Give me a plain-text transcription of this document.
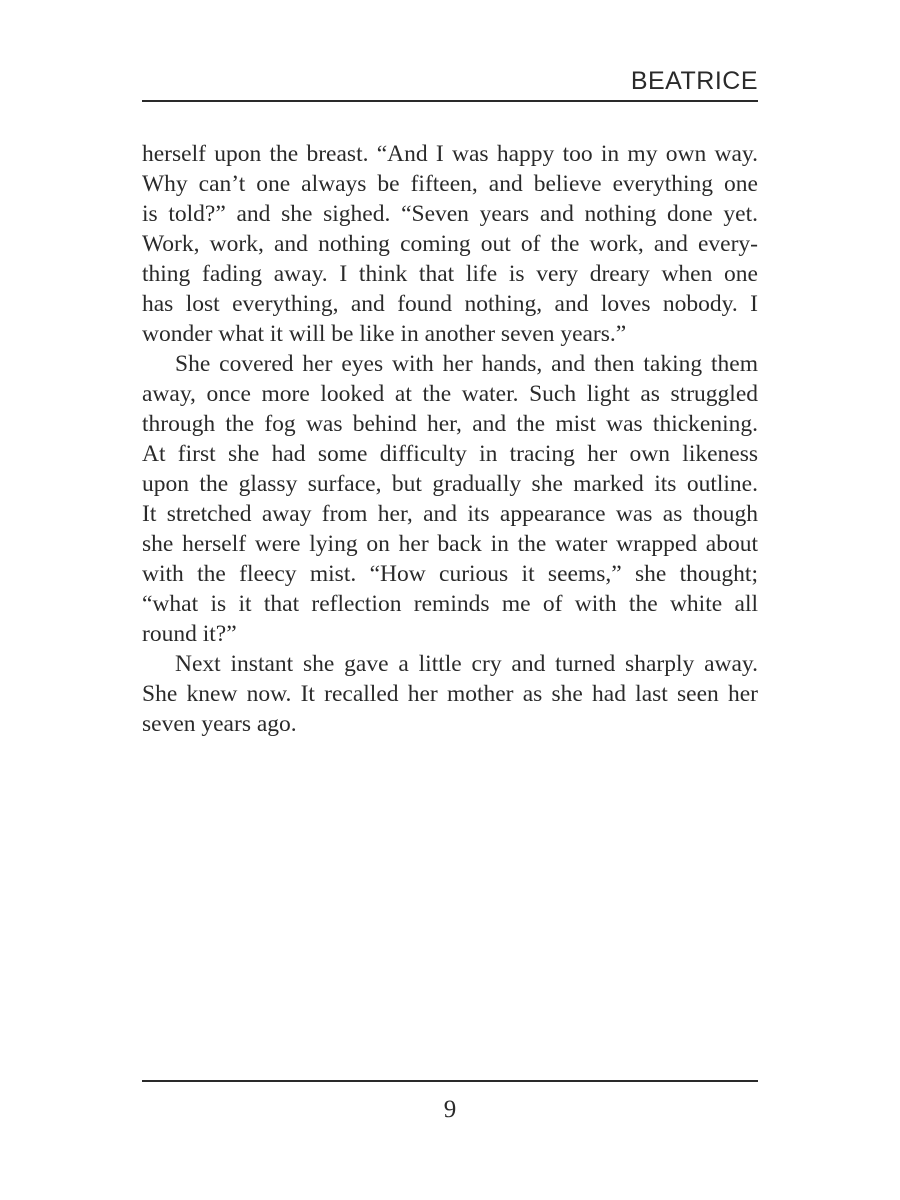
BEATRICE

herself upon the breast. “And I was happy too in my own way.
Why can’t one always be fifteen, and believe everything one
is told?” and she sighed. “Seven years and nothing done yet.
Work, work, and nothing coming out of the work, and every-
thing fading away. I think that life is very dreary when one
has lost everything, and found nothing, and loves nobody. I
wonder what it will be like in another seven years.”

She covered her eyes with her hands, and then taking them
away, once more looked at the water. Such light as struggled
through the fog was behind her, and the mist was thickening.
At first she had some difficulty in tracing her own likeness
upon the glassy surface, but gradually she marked its outline.
It stretched away from her, and its appearance was as though
she herself were lying on her back in the water wrapped about
with the fleecy mist. “How curious it seems,” she thought;
“what is it that reflection reminds me of with the white all
round it?”

Next instant she gave a little cry and turned sharply away.
She knew now. It recalled her mother as she had last seen her
seven years ago.

9
